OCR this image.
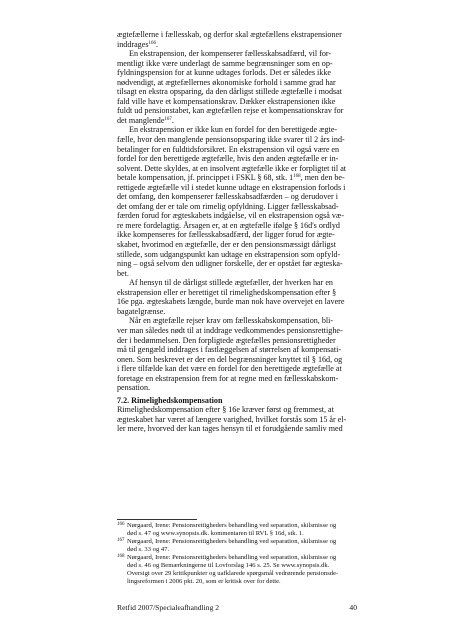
ægtefællerne i fællesskab, og derfor skal ægtefællens ekstrapensioner
inddrages$^{166}$.

En ekstrapension, der kompenserer fællesskabsadfærd, vil for-
mentligt ikke være underlagt de samme begrænsninger som en op-
fyldningspension for at kunne udtages forlods. Det er således ikke
nødvendigt, at ægtefællernes økonomiske forhold i samme grad har
tilsagt en ekstra opsparing, da den dårligst stillede ægtefælle i modsat
fald ville have et kompensationskrav. Dækker ekstrapensionen ikke
fuldt ud pensionstabet, kan ægtefællen rejse et kompensationskrav for
det manglende$^{167}$.

En ekstrapension er ikke kun en fordel for den berettigede ægte-
fælle, hvor den manglende pensionsopsparing ikke svarer til 2 års ind-
betalinger for en fuldtidsforsikret. En ekstrapension vil også være en
fordel for den berettigede ægtefælle, hvis den anden ægtefælle er in-
solvent. Dette skyldes, at en insolvent ægtefælle ikke er forpligtet til at
betale kompensation, jf. princippet i FSKL § 68, stk. $1^{168}$, men den be-
rettigede ægtefælle vil i stedet kunne udtage en ekstrapension forlods i
det omfang, den kompenserer fællesskabsadfærden – og derudover i
det omfang der er tale om rimelig opfyldning. Ligger fællesskabsad-
færden forud for ægteskabets indgåelse, vil en ekstrapension også væ-
re mere fordelagtig. Årsagen er, at en ægtefælle ifølge § 16d's ordlyd
ikke kompenseres for fællesskabsadfærd, der ligger forud for ægte-
skabet, hvorimod en ægtefælle, der er den pensionsmæssigt dårligst
stillede, som udgangspunkt kan udtage en ekstrapension som opfyld-
ning – også selvom den udligner forskelle, der er opstået før ægteska-
bet.

Af hensyn til de dårligst stillede ægtefæller, der hverken har en
ekstrapension eller er berettiget til rimelighedskompensation efter §
16e pga. ægteskabets længde, burde man nok have overvejet en lavere
bagatelgrænse.

Når en ægtefælle rejser krav om fællesskabskompensation, bli-
ver man således nødt til at inddrage vedkommendes pensionsrettighe-
der i bedømmelsen. Den forpligtede ægtefælles pensionsrettigheder
må til gengæld inddrages i fastlæggelsen af størrelsen af kompensati-
onen. Som beskrevet er der en del begrænsninger knyttet til § 16d, og
i flere tilfælde kan det være en fordel for den berettigede ægtefælle at
foretage en ekstrapension frem for at regne med en fællesskabskom-
pensation.

7.2. Rimelighedskompensation

Rimelighedskompensation efter § 16e kræver først og fremmest, at
ægteskabet har været af længere varighed, hvilket forstås som 15 år el-
ler mere, hvorved der kan tages hensyn til et forudgående samliv med

166 Nørgaard, Irene: Pensionsrettigheders behandling ved separation, skilsmisse og
død s. 47 og www.synopsis.dk. kommentaren til RVL § 16d, stk. 1.
167 Nørgaard, Irene: Pensionsrettigheders behandling ved separation, skilsmisse og
død s. 33 og 47.
168 Nørgaard, Irene: Pensionsrettigheders behandling ved separation, skilsmisse og
død s. 46 og Bemærkningerne til Lovforslag 146 s. 25. Se www.synopsis.dk.
Oversigt over 29 kritikpunkter og uafklarede spørgsmål vedrørende pensionsde-
lingsreformen i 2006 pkt. 20, som er kritisk over for dette.
Retfid 2007/Specialeafhandling 2	40
